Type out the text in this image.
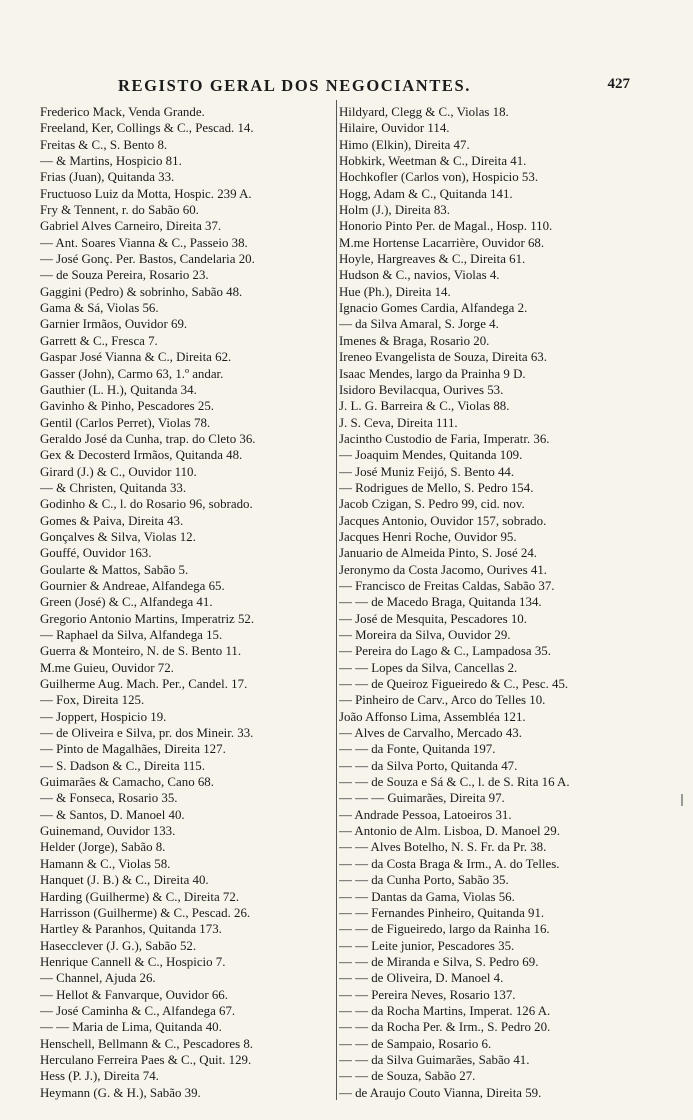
REGISTO GERAL DOS NEGOCIANTES.	427
Frederico Mack, Venda Grande.
Freeland, Ker, Collings & C., Pescad. 14.
Freitas & C., S. Bento 8.
— & Martins, Hospicio 81.
Frias (Juan), Quitanda 33.
Fructuoso Luiz da Motta, Hospic. 239 A.
Fry & Tennent, r. do Sabão 60.
Gabriel Alves Carneiro, Direita 37.
— Ant. Soares Vianna & C., Passeio 38.
— José Gonç. Per. Bastos, Candelaria 20.
— de Souza Pereira, Rosario 23.
Gaggini (Pedro) & sobrinho, Sabão 48.
Gama & Sá, Violas 56.
Garnier Irmãos, Ouvidor 69.
Garrett & C., Fresca 7.
Gaspar José Vianna & C., Direita 62.
Gasser (John), Carmo 63, 1.º andar.
Gauthier (L. H.), Quitanda 34.
Gavinho & Pinho, Pescadores 25.
Gentil (Carlos Perret), Violas 78.
Geraldo José da Cunha, trap. do Cleto 36.
Gex & Decosterd Irmãos, Quitanda 48.
Girard (J.) & C., Ouvidor 110.
— & Christen, Quitanda 33.
Godinho & C., l. do Rosario 96, sobrado.
Gomes & Paiva, Direita 43.
Gonçalves & Silva, Violas 12.
Gouffé, Ouvidor 163.
Goularte & Mattos, Sabão 5.
Gournier & Andreae, Alfandega 65.
Green (José) & C., Alfandega 41.
Gregorio Antonio Martins, Imperatriz 52.
— Raphael da Silva, Alfandega 15.
Guerra & Monteiro, N. de S. Bento 11.
M.me Guieu, Ouvidor 72.
Guilherme Aug. Mach. Per., Candel. 17.
— Fox, Direita 125.
— Joppert, Hospicio 19.
— de Oliveira e Silva, pr. dos Mineir. 33.
— Pinto de Magalhães, Direita 127.
— S. Dadson & C., Direita 115.
Guimarães & Camacho, Cano 68.
— & Fonseca, Rosario 35.
— & Santos, D. Manoel 40.
Guinemand, Ouvidor 133.
Helder (Jorge), Sabão 8.
Hamann & C., Violas 58.
Hanquet (J. B.) & C., Direita 40.
Harding (Guilherme) & C., Direita 72.
Harrisson (Guilherme) & C., Pescad. 26.
Hartley & Paranhos, Quitanda 173.
Hasecclever (J. G.), Sabão 52.
Henrique Cannell & C., Hospicio 7.
— Channel, Ajuda 26.
— Hellot & Fanvarque, Ouvidor 66.
— José Caminha & C., Alfandega 67.
— — Maria de Lima, Quitanda 40.
Henschell, Bellmann & C., Pescadores 8.
Herculano Ferreira Paes & C., Quit. 129.
Hess (P. J.), Direita 74.
Heymann (G. & H.), Sabão 39.
Hildyard, Clegg & C., Violas 18.
Hilaire, Ouvidor 114.
Himo (Elkin), Direita 47.
Hobkirk, Weetman & C., Direita 41.
Hochkofler (Carlos von), Hospicio 53.
Hogg, Adam & C., Quitanda 141.
Holm (J.), Direita 83.
Honorio Pinto Per. de Magal., Hosp. 110.
M.me Hortense Lacarrière, Ouvidor 68.
Hoyle, Hargreaves & C., Direita 61.
Hudson & C., navios, Violas 4.
Hue (Ph.), Direita 14.
Ignacio Gomes Cardia, Alfandega 2.
— da Silva Amaral, S. Jorge 4.
Imenes & Braga, Rosario 20.
Ireneo Evangelista de Souza, Direita 63.
Isaac Mendes, largo da Prainha 9 D.
Isidoro Bevilacqua, Ourives 53.
J. L. G. Barreira & C., Violas 88.
J. S. Ceva, Direita 111.
Jacintho Custodio de Faria, Imperatr. 36.
— Joaquim Mendes, Quitanda 109.
— José Muniz Feijó, S. Bento 44.
— Rodrigues de Mello, S. Pedro 154.
Jacob Czigan, S. Pedro 99, cid. nov.
Jacques Antonio, Ouvidor 157, sobrado.
Jacques Henri Roche, Ouvidor 95.
Januario de Almeida Pinto, S. José 24.
Jeronymo da Costa Jacomo, Ourives 41.
— Francisco de Freitas Caldas, Sabão 37.
— — de Macedo Braga, Quitanda 134.
— José de Mesquita, Pescadores 10.
— Moreira da Silva, Ouvidor 29.
— Pereira do Lago & C., Lampadosa 35.
— — Lopes da Silva, Cancellas 2.
— — de Queiroz Figueiredo & C., Pesc. 45.
— Pinheiro de Carv., Arco do Telles 10.
João Affonso Lima, Assembléa 121.
— Alves de Carvalho, Mercado 43.
— — da Fonte, Quitanda 197.
— — da Silva Porto, Quitanda 47.
— — de Souza e Sá & C., l. de S. Rita 16 A.
— — — Guimarães, Direita 97.
— Andrade Pessoa, Latoeiros 31.
— Antonio de Alm. Lisboa, D. Manoel 29.
— — Alves Botelho, N. S. Fr. da Pr. 38.
— — da Costa Braga & Irm., A. do Telles.
— — da Cunha Porto, Sabão 35.
— — Dantas da Gama, Violas 56.
— — Fernandes Pinheiro, Quitanda 91.
— — de Figueiredo, largo da Rainha 16.
— — Leite junior, Pescadores 35.
— — de Miranda e Silva, S. Pedro 69.
— — de Oliveira, D. Manoel 4.
— — Pereira Neves, Rosario 137.
— — da Rocha Martins, Imperat. 126 A.
— — da Rocha Per. & Irm., S. Pedro 20.
— — de Sampaio, Rosario 6.
— — da Silva Guimarães, Sabão 41.
— — de Souza, Sabão 27.
— de Araujo Couto Vianna, Direita 59.
